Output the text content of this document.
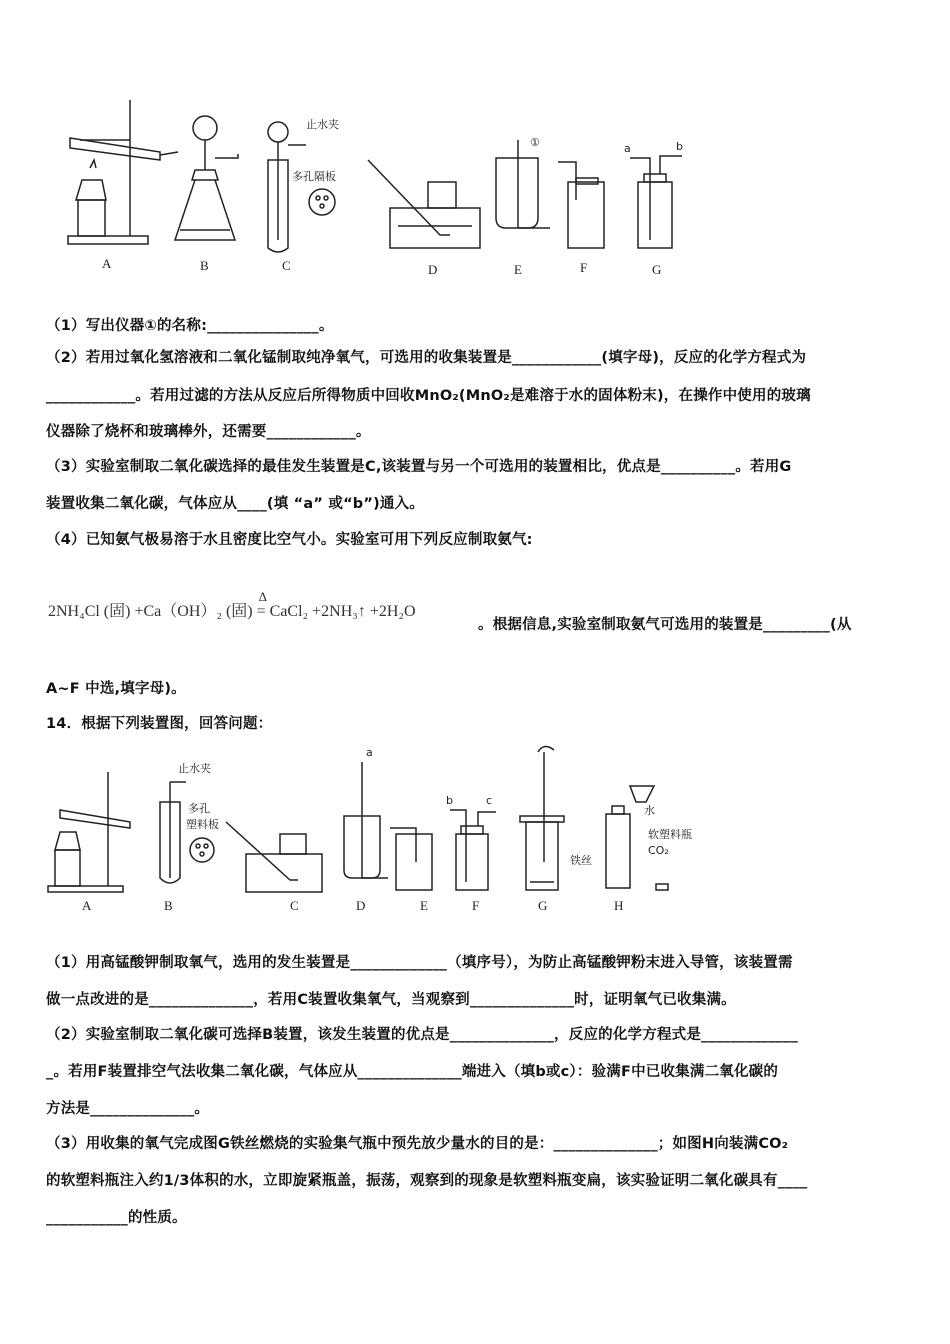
A	B	C	D	E	F	G
止水夹
多孔隔板
①	a	b
（1）写出仪器①的名称:_______________。
（2）若用过氧化氢溶液和二氧化锰制取纯净氧气，可选用的收集装置是____________(填字母)，反应的化学方程式为
____________。若用过滤的方法从反应后所得物质中回收MnO₂(MnO₂是难溶于水的固体粉末)，在操作中使用的玻璃
仪器除了烧杯和玻璃棒外，还需要____________。
（3）实验室制取二氧化碳选择的最佳发生装置是C,该装置与另一个可选用的装置相比，优点是__________。若用G
装置收集二氧化碳，气体应从____(填 “a” 或“b”)通入。
（4）已知氨气极易溶于水且密度比空气小。实验室可用下列反应制取氨气:
2NH₄Cl (固) +Ca（OH）₂ (固)
Δ
= CaCl₂ +2NH₃↑ +2H₂O
。根据信息,实验室制取氨气可选用的装置是_________(从
A~F 中选,填字母)。
14．根据下列装置图，回答问题：
A	B	C	D	E	F	G	H
止水夹
多孔
塑料板
a
b	c
铁丝
水
软塑料瓶
CO₂
（1）用高锰酸钾制取氧气，选用的发生装置是_____________（填序号），为防止高锰酸钾粉末进入导管，该装置需
做一点改进的是______________，若用C装置收集氧气，当观察到______________时，证明氧气已收集满。
（2）实验室制取二氧化碳可选择B装置，该发生装置的优点是______________，反应的化学方程式是_____________
_。若用F装置排空气法收集二氧化碳，气体应从______________端进入（填b或c）：验满F中已收集满二氧化碳的
方法是______________。
（3）用收集的氧气完成图G铁丝燃烧的实验集气瓶中预先放少量水的目的是：______________；如图H向装满CO₂
的软塑料瓶注入约1/3体积的水，立即旋紧瓶盖，振荡，观察到的现象是软塑料瓶变扁，该实验证明二氧化碳具有____
___________的性质。
